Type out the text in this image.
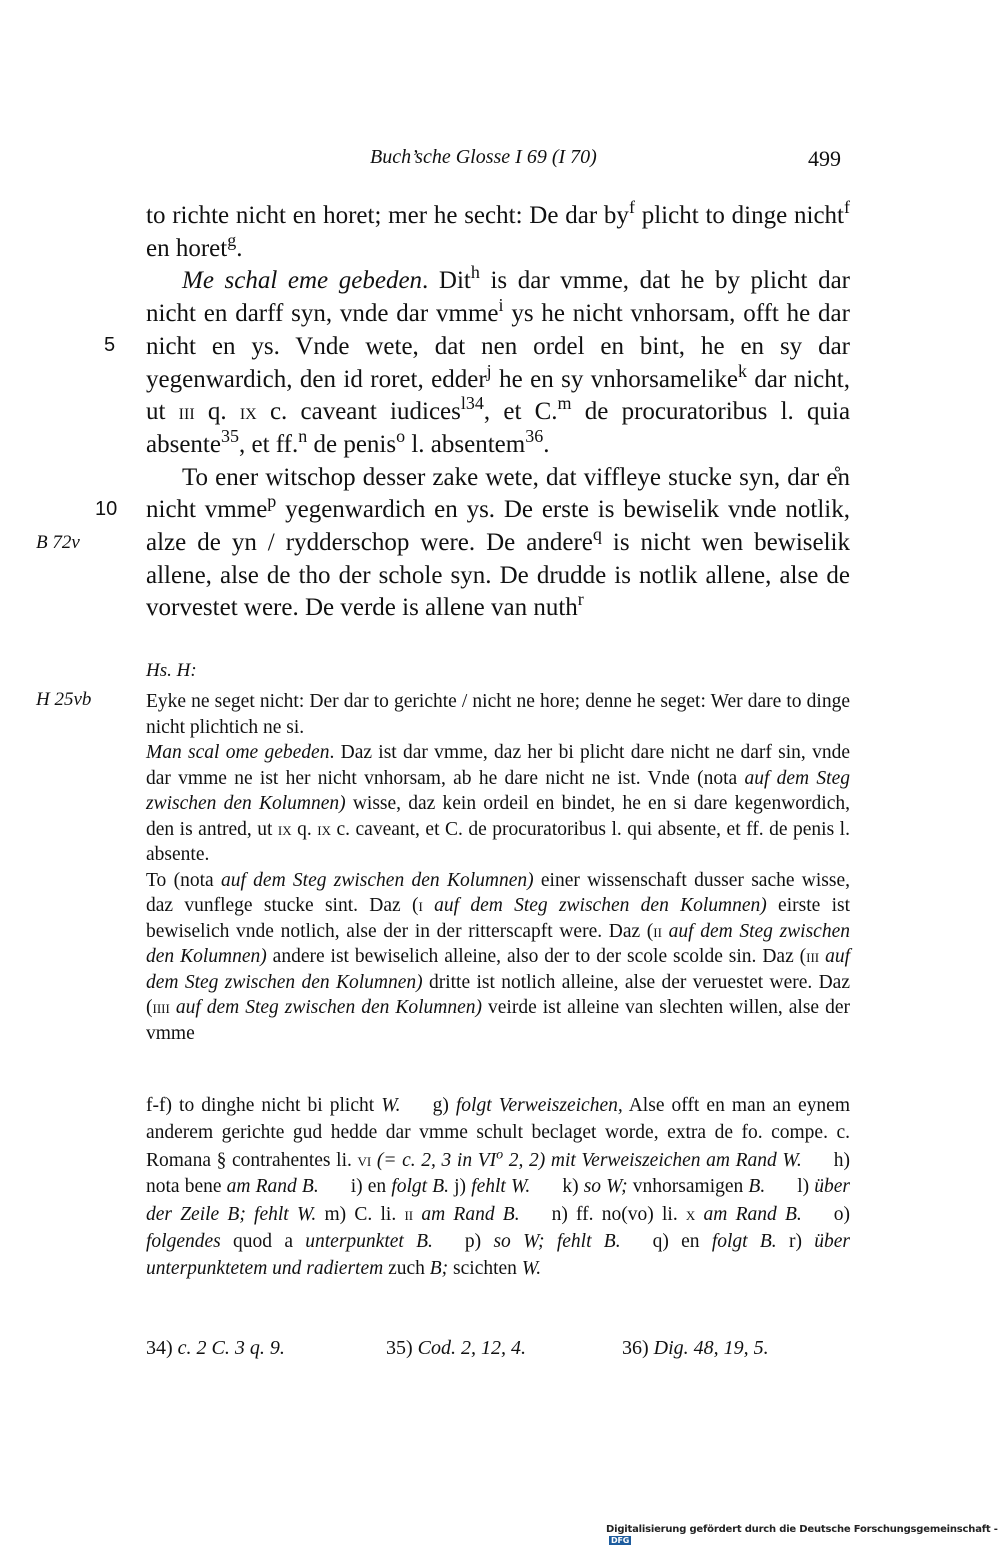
Buch’sche Glosse I 69 (I 70)	499
5
10
B 72v
H 25vb

to richte nicht en horet; mer he secht: De dar $by^f$ plicht to dinge nicht$^f$ en horet$^g$.

Me schal eme gebeden. Dit$^h$ is dar vmme, dat he by plicht dar nicht en darff syn, vnde dar vmme$^i$ ys he nicht vnhorsam, offt he dar nicht en ys. Vnde wete, dat nen ordel en bint, he en sy dar yegenwardich, den id roret, edder$^j$ he en sy vnhorsamelike$^k$ dar nicht, ut iii q. ix c. caveant iudices$^{l34}$, et C.$^m$ de procuratoribus l. quia absente$^{35}$, et ff.$^n$ de penis$^o$ l. absentem$^{36}$.

To ener witschop desser zake wete, dat viffleye stucke syn, dar e̊n nicht vmme$^p$ yegenwardich en ys. De erste is bewiselik vnde notlik, alze de yn / rydderschop were. De andere$^q$ is nicht wen bewiselik allene, alse de tho der schole syn. De drudde is notlik allene, alse de vorvestet were. De verde is allene van nuth$^r$

Hs. H:

Eyke ne seget nicht: Der dar to gerichte / nicht ne hore; denne he seget: Wer dare to dinge nicht plichtich ne si.

Man scal ome gebeden. Daz ist dar vmme, daz her bi plicht dare nicht ne darf sin, vnde dar vmme ne ist her nicht vnhorsam, ab he dare nicht ne ist. Vnde (nota auf dem Steg zwischen den Kolumnen) wisse, daz kein ordeil en bindet, he en si dare kegenwordich, den is antred, ut ix q. ix c. caveant, et C. de procuratoribus l. qui absente, et ff. de penis l. absente.

To (nota auf dem Steg zwischen den Kolumnen) einer wissenschaft dusser sache wisse, daz vunflege stucke sint. Daz (i auf dem Steg zwischen den Kolumnen) eirste ist bewiselich vnde notlich, alse der in der ritterscapft were. Daz (ii auf dem Steg zwischen den Kolumnen) andere ist bewiselich alleine, also der to der scole scolde sin. Daz (iii auf dem Steg zwischen den Kolumnen) dritte ist notlich alleine, alse der veruestet were. Daz (iiii auf dem Steg zwischen den Kolumnen) veirde ist alleine van slechten willen, alse der vmme

f-f) to dinghe nicht bi plicht W. g) folgt Verweiszeichen, Alse offt en man an eynem anderem gerichte gud hedde dar vmme schult beclaget worde, extra de fo. compe. c. Romana § contrahentes li. vi (= c. 2, 3 in $VI^o$ 2, 2) mit Verweiszeichen am Rand W. h) nota bene am Rand B. i) en folgt B. j) fehlt W. k) so W; vnhorsamigen B. l) über der Zeile B; fehlt W. m) C. li. ii am Rand B. n) ff. no(vo) li. x am Rand B. o) folgendes quod a unterpunktet B. p) so W; fehlt B. q) en folgt B. r) über unterpunktetem und radiertem zuch B; scichten W.

34) c. 2 C. 3 q. 9.	35) Cod. 2, 12, 4.	36) Dig. 48, 19, 5.
Digitalisierung gefördert durch die Deutsche Forschungsgemeinschaft -DFG
